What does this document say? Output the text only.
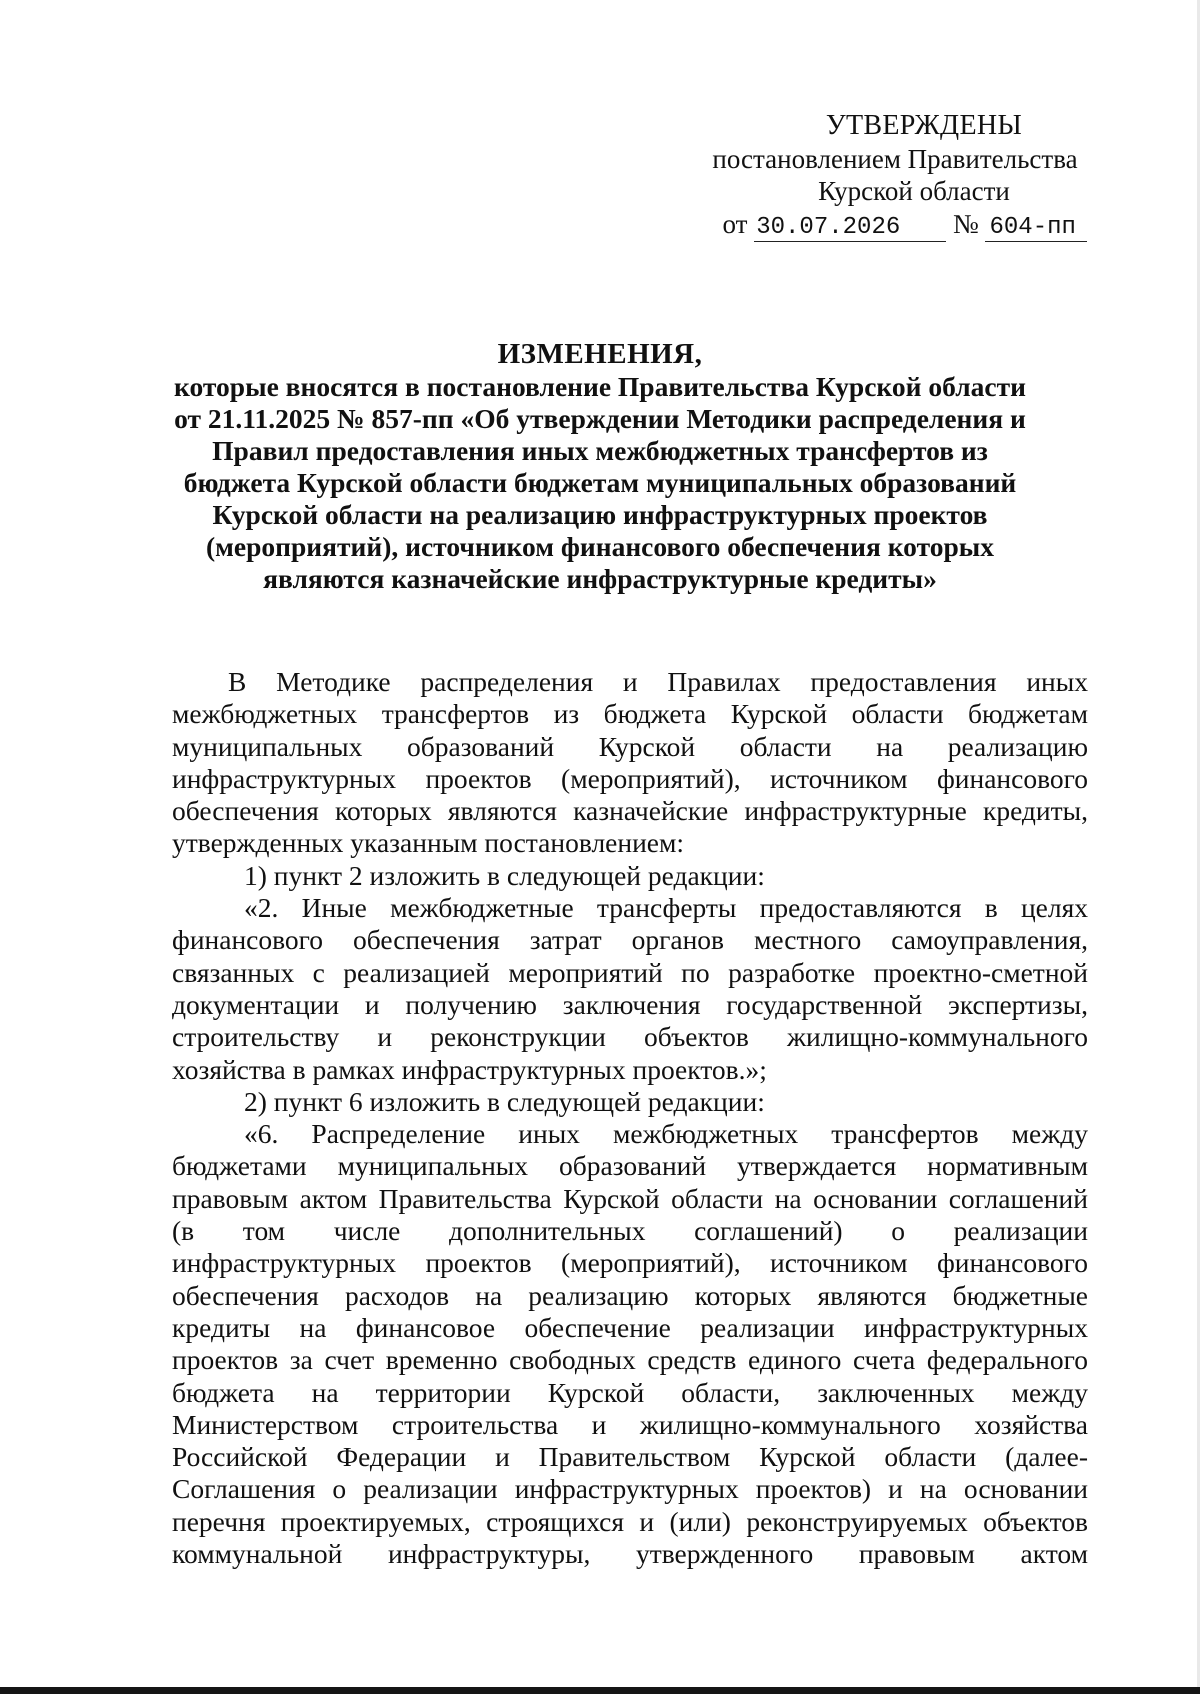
УТВЕРЖДЕНЫ
постановлением Правительства
Курской области
от 30.07.2026 № 604-пп
ИЗМЕНЕНИЯ,
которые вносятся в постановление Правительства Курской области
от 21.11.2025 № 857-пп «Об утверждении Методики распределения и
Правил предоставления иных межбюджетных трансфертов из
бюджета Курской области бюджетам муниципальных образований
Курской области на реализацию инфраструктурных проектов
(мероприятий), источником финансового обеспечения которых
являются казначейские инфраструктурные кредиты»
В Методике распределения и Правилах предоставления иных
межбюджетных трансфертов из бюджета Курской области бюджетам
муниципальных образований Курской области на реализацию
инфраструктурных проектов (мероприятий), источником финансового
обеспечения которых являются казначейские инфраструктурные кредиты,
утвержденных указанным постановлением:
1) пункт 2 изложить в следующей редакции:
«2. Иные межбюджетные трансферты предоставляются в целях
финансового обеспечения затрат органов местного самоуправления,
связанных с реализацией мероприятий по разработке проектно-сметной
документации и получению заключения государственной экспертизы,
строительству и реконструкции объектов жилищно-коммунального
хозяйства в рамках инфраструктурных проектов.»;
2) пункт 6 изложить в следующей редакции:
«6. Распределение иных межбюджетных трансфертов между
бюджетами муниципальных образований утверждается нормативным
правовым актом Правительства Курской области на основании соглашений
(в том числе дополнительных соглашений) о реализации
инфраструктурных проектов (мероприятий), источником финансового
обеспечения расходов на реализацию которых являются бюджетные
кредиты на финансовое обеспечение реализации инфраструктурных
проектов за счет временно свободных средств единого счета федерального
бюджета на территории Курской области, заключенных между
Министерством строительства и жилищно-коммунального хозяйства
Российской Федерации и Правительством Курской области (далее-
Соглашения о реализации инфраструктурных проектов) и на основании
перечня проектируемых, строящихся и (или) реконструируемых объектов
коммунальной инфраструктуры, утвержденного правовым актом
